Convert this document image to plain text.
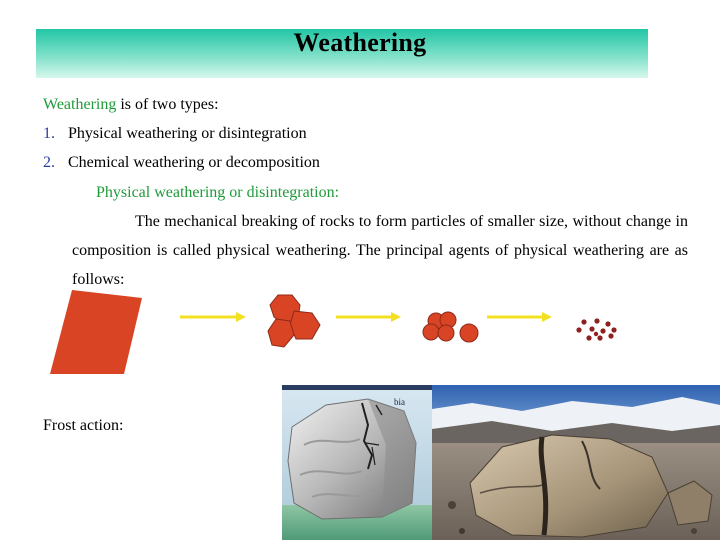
Weathering
Weathering is of two types:
1. Physical weathering or disintegration
2. Chemical weathering or decomposition
Physical weathering or disintegration:
The mechanical breaking of rocks to form particles of smaller size, without change in composition is called physical weathering. The principal agents of physical weathering are as follows:
Frost action:
bia
